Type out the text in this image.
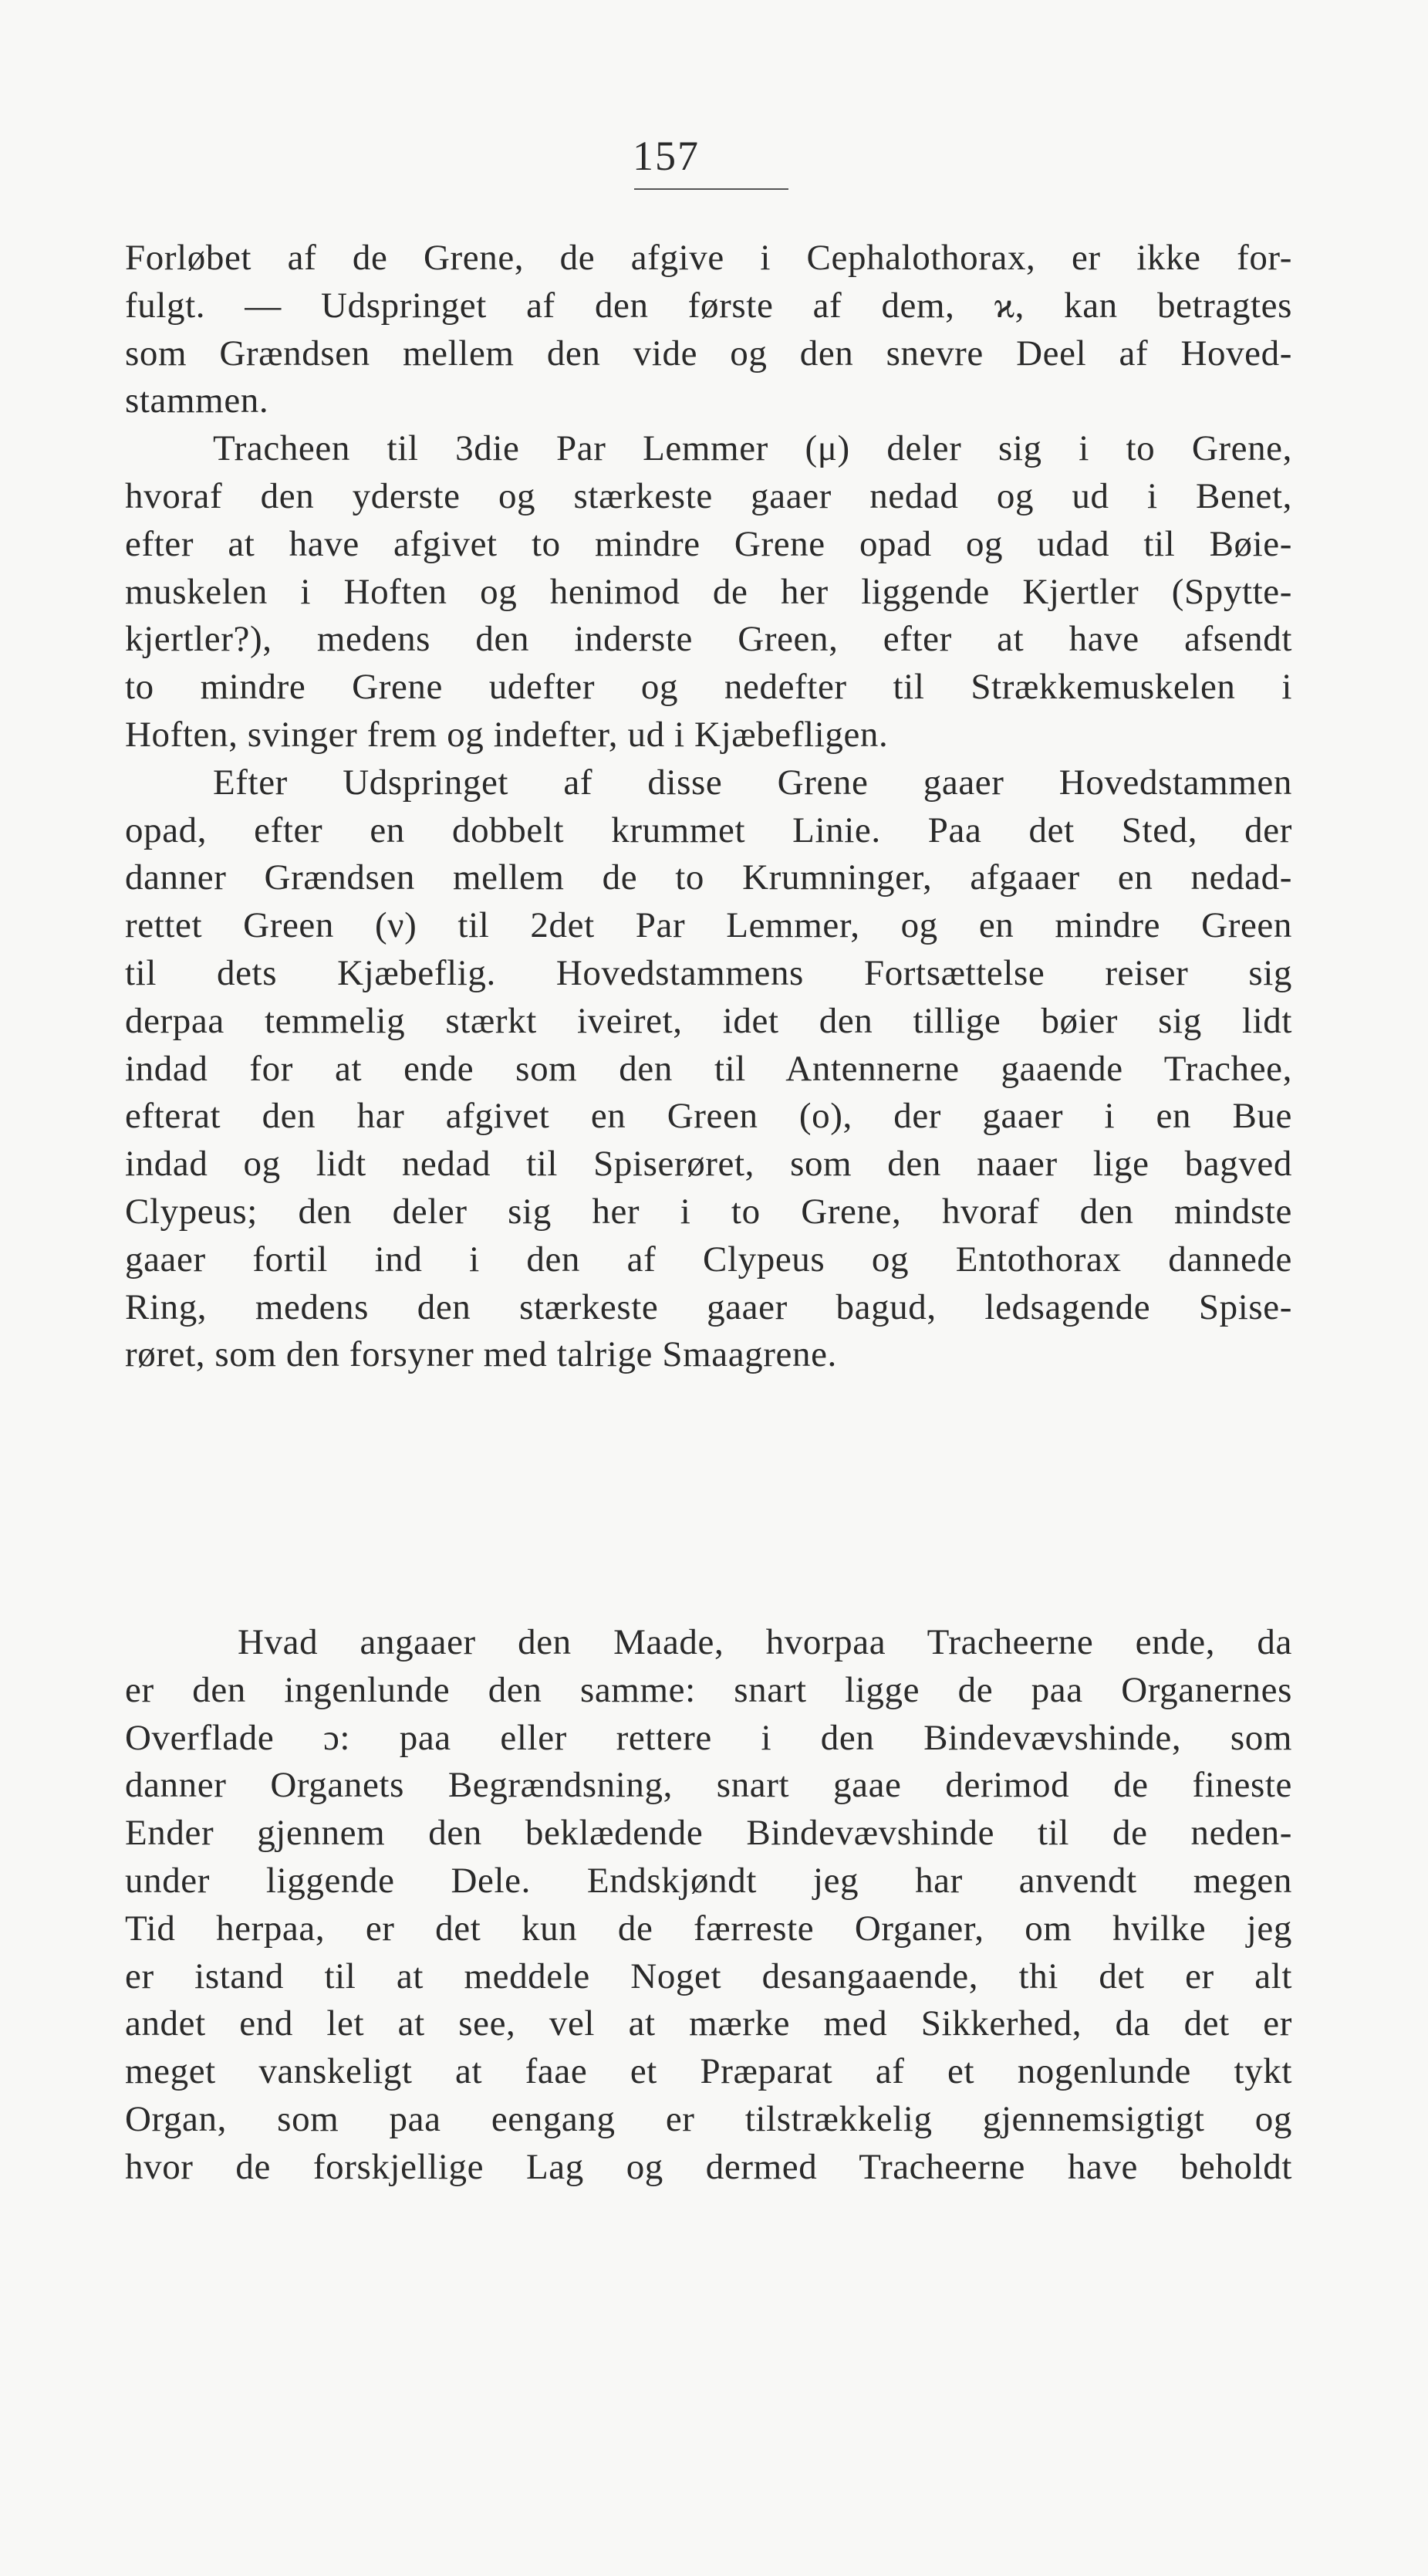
157
Forløbet af de Grene, de afgive i Cephalothorax, er ikke for-
fulgt. — Udspringet af den første af dem, ϰ, kan betragtes
som Grændsen mellem den vide og den snevre Deel af Hoved-
stammen.
Tracheen til 3die Par Lemmer (μ) deler sig i to Grene,
hvoraf den yderste og stærkeste gaaer nedad og ud i Benet,
efter at have afgivet to mindre Grene opad og udad til Bøie-
muskelen i Hoften og henimod de her liggende Kjertler (Spytte-
kjertler?), medens den inderste Green, efter at have afsendt
to mindre Grene udefter og nedefter til Strækkemuskelen i
Hoften, svinger frem og indefter, ud i Kjæbefligen.
Efter Udspringet af disse Grene gaaer Hovedstammen
opad, efter en dobbelt krummet Linie. Paa det Sted, der
danner Grændsen mellem de to Krumninger, afgaaer en nedad-
rettet Green (ν) til 2det Par Lemmer, og en mindre Green
til dets Kjæbeflig. Hovedstammens Fortsættelse reiser sig
derpaa temmelig stærkt iveiret, idet den tillige bøier sig lidt
indad for at ende som den til Antennerne gaaende Trachee,
efterat den har afgivet en Green (ο), der gaaer i en Bue
indad og lidt nedad til Spiserøret, som den naaer lige bagved
Clypeus; den deler sig her i to Grene, hvoraf den mindste
gaaer fortil ind i den af Clypeus og Entothorax dannede
Ring, medens den stærkeste gaaer bagud, ledsagende Spise-
røret, som den forsyner med talrige Smaagrene.
Hvad angaaer den Maade, hvorpaa Tracheerne ende, da
er den ingenlunde den samme: snart ligge de paa Organernes
Overflade ɔ: paa eller rettere i den Bindevævshinde, som
danner Organets Begrændsning, snart gaae derimod de fineste
Ender gjennem den beklædende Bindevævshinde til de neden-
under liggende Dele. Endskjøndt jeg har anvendt megen
Tid herpaa, er det kun de færreste Organer, om hvilke jeg
er istand til at meddele Noget desangaaende, thi det er alt
andet end let at see, vel at mærke med Sikkerhed, da det er
meget vanskeligt at faae et Præparat af et nogenlunde tykt
Organ, som paa eengang er tilstrækkelig gjennemsigtigt og
hvor de forskjellige Lag og dermed Tracheerne have beholdt
